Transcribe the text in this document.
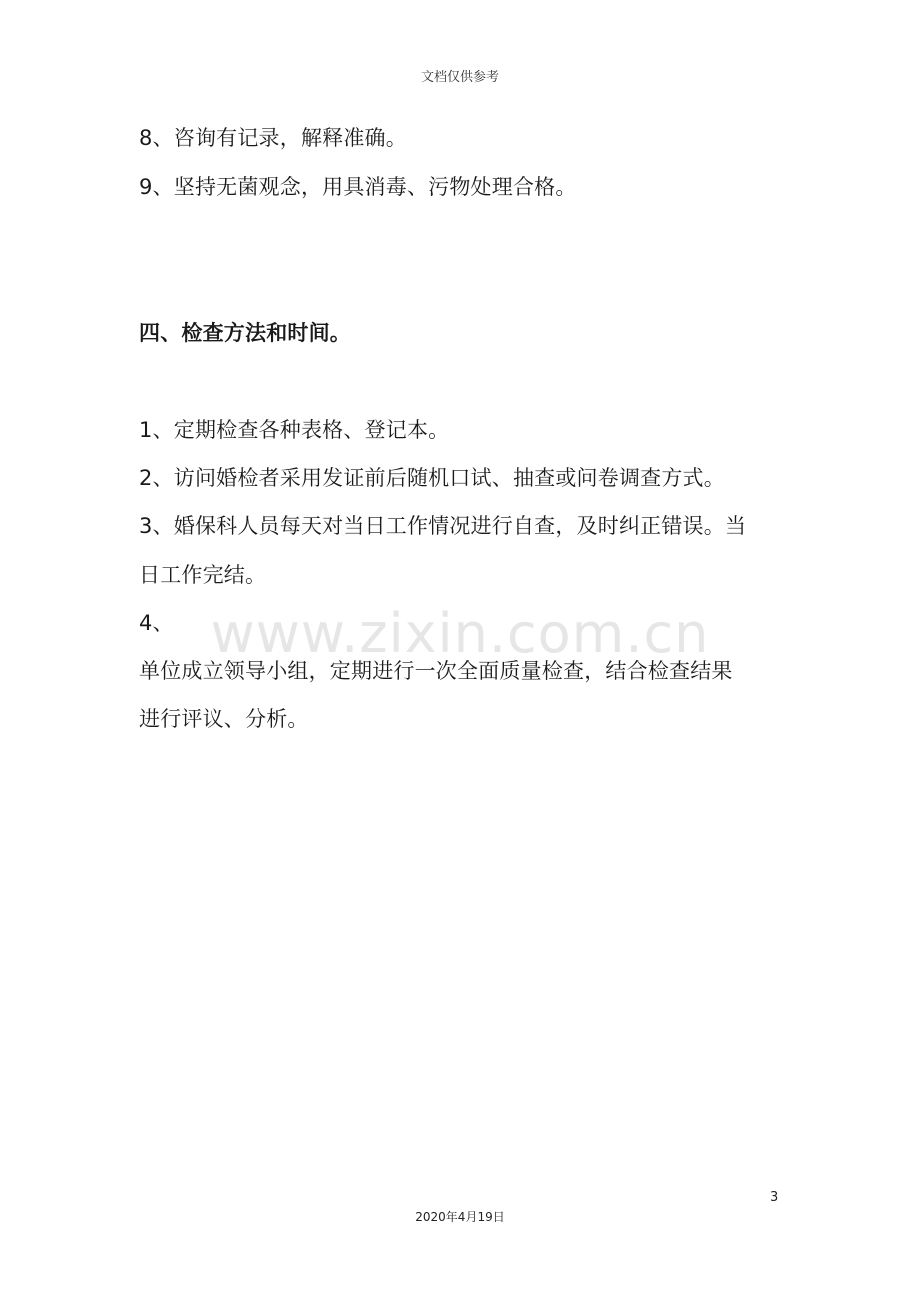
文档仅供参考
www.zixin.com.cn
8、咨询有记录，解释准确。
9、坚持无菌观念，用具消毒、污物处理合格。
四、检查方法和时间。
1、定期检查各种表格、登记本。
2、访问婚检者采用发证前后随机口试、抽查或问卷调查方式。
3、婚保科人员每天对当日工作情况进行自查，及时纠正错误。当
日工作完结。
4、
单位成立领导小组，定期进行一次全面质量检查，结合检查结果
进行评议、分析。
3
2020年4月19日
